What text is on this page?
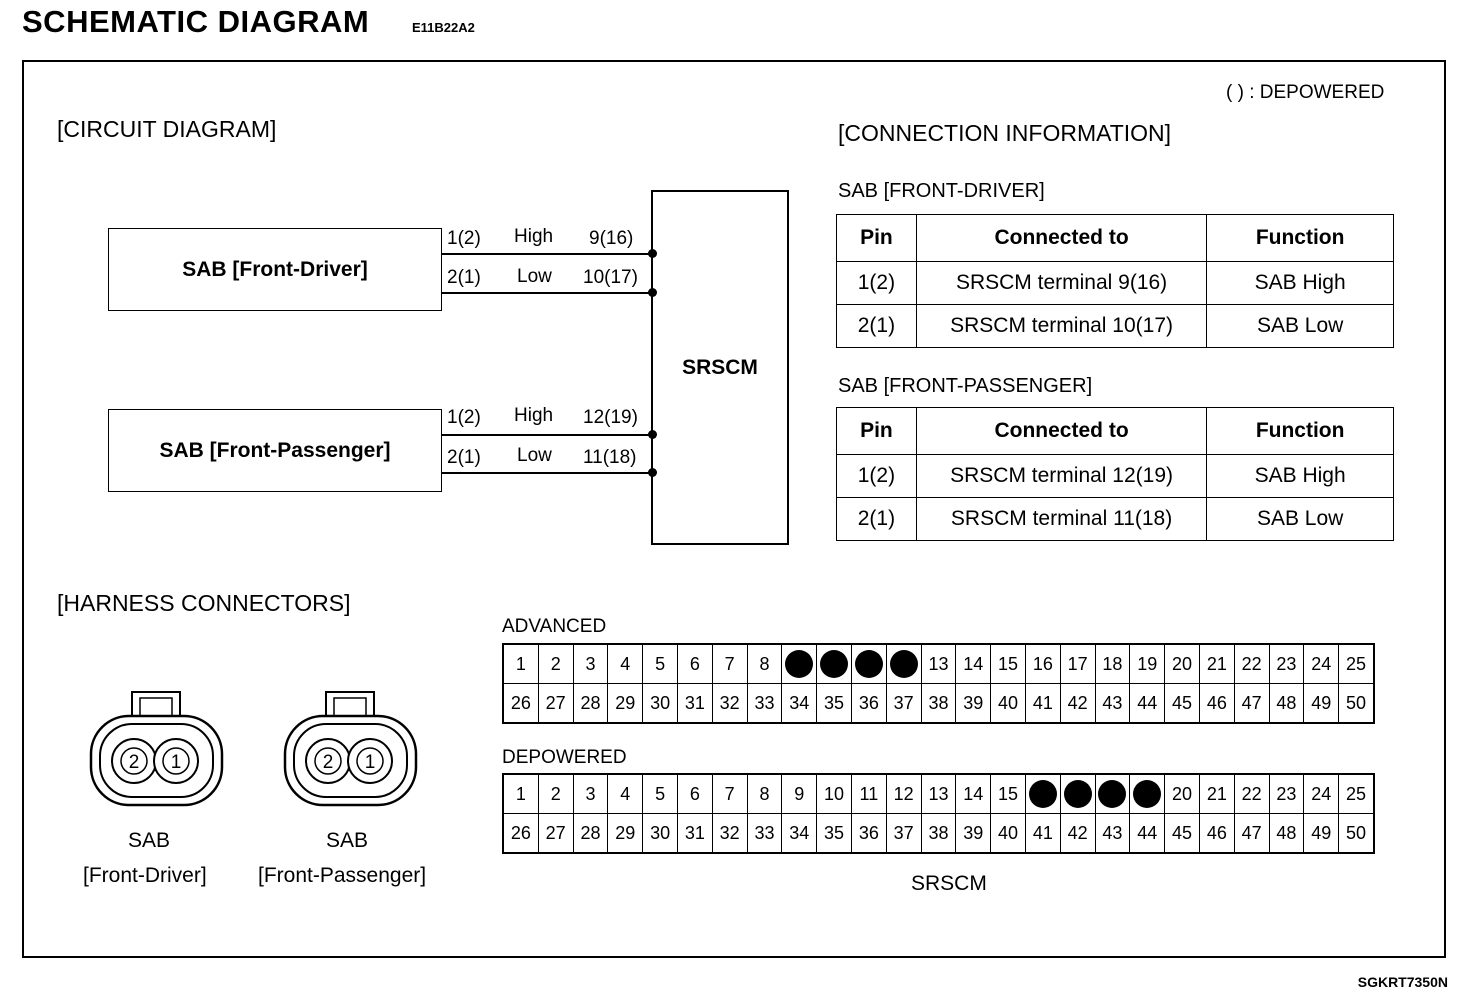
SCHEMATIC DIAGRAM	E11B22A2
( ) : DEPOWERED
[CIRCUIT DIAGRAM]
SAB [Front-Driver]
SAB [Front-Passenger]
SRSCM
1(2) High 9(16)
2(1) Low 10(17)
1(2) High 12(19)
2(1) Low 11(18)
[CONNECTION INFORMATION]
SAB [FRONT-DRIVER]
Pin	Connected to	Function
1(2)	SRSCM terminal 9(16)	SAB High
2(1)	SRSCM terminal 10(17)	SAB Low
SAB [FRONT-PASSENGER]
Pin	Connected to	Function
1(2)	SRSCM terminal 12(19)	SAB High
2(1)	SRSCM terminal 11(18)	SAB Low
[HARNESS CONNECTORS]
2 1
SAB
[Front-Driver]
2 1
SAB
[Front-Passenger]
ADVANCED
1	2	3	4	5	6	7	8					13	14	15	16	17	18	19	20	21	22	23	24	25
26	27	28	29	30	31	32	33	34	35	36	37	38	39	40	41	42	43	44	45	46	47	48	49	50
DEPOWERED
1	2	3	4	5	6	7	8	9	10	11	12	13	14	15					20	21	22	23	24	25
26	27	28	29	30	31	32	33	34	35	36	37	38	39	40	41	42	43	44	45	46	47	48	49	50
SRSCM
SGKRT7350N
